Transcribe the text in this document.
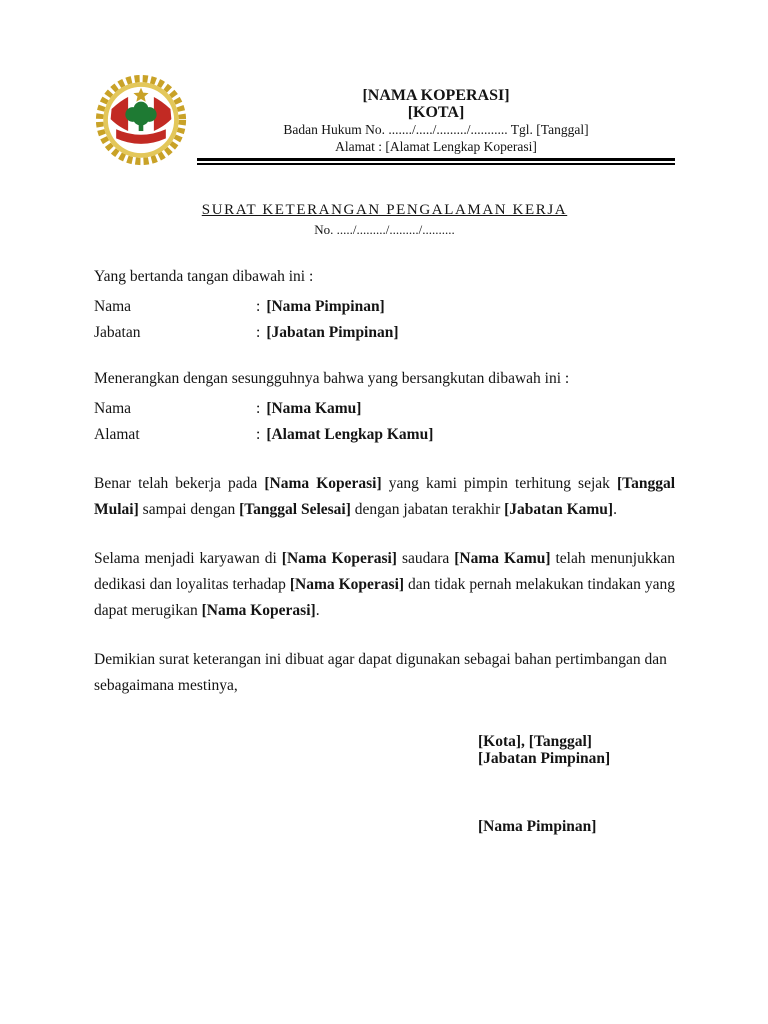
[NAMA KOPERASI]
[KOTA]
Badan Hukum No. ......./...../........./........... Tgl. [Tanggal]
Alamat : [Alamat Lengkap Koperasi]
SURAT KETERANGAN PENGALAMAN KERJA
No. ...../........./........./..........
Yang bertanda tangan dibawah ini :
Nama	: [Nama Pimpinan]
Jabatan	: [Jabatan Pimpinan]
Menerangkan dengan sesungguhnya bahwa yang bersangkutan dibawah ini :
Nama	: [Nama Kamu]
Alamat	: [Alamat Lengkap Kamu]

Benar telah bekerja pada [Nama Koperasi] yang kami pimpin terhitung sejak [Tanggal Mulai] sampai dengan [Tanggal Selesai] dengan jabatan terakhir [Jabatan Kamu].

Selama menjadi karyawan di [Nama Koperasi] saudara [Nama Kamu] telah menunjukkan dedikasi dan loyalitas terhadap [Nama Koperasi] dan tidak pernah melakukan tindakan yang dapat merugikan [Nama Koperasi].

Demikian surat keterangan ini dibuat agar dapat digunakan sebagai bahan pertimbangan dan sebagaimana mestinya,

[Kota], [Tanggal]
[Jabatan Pimpinan]
[Nama Pimpinan]
